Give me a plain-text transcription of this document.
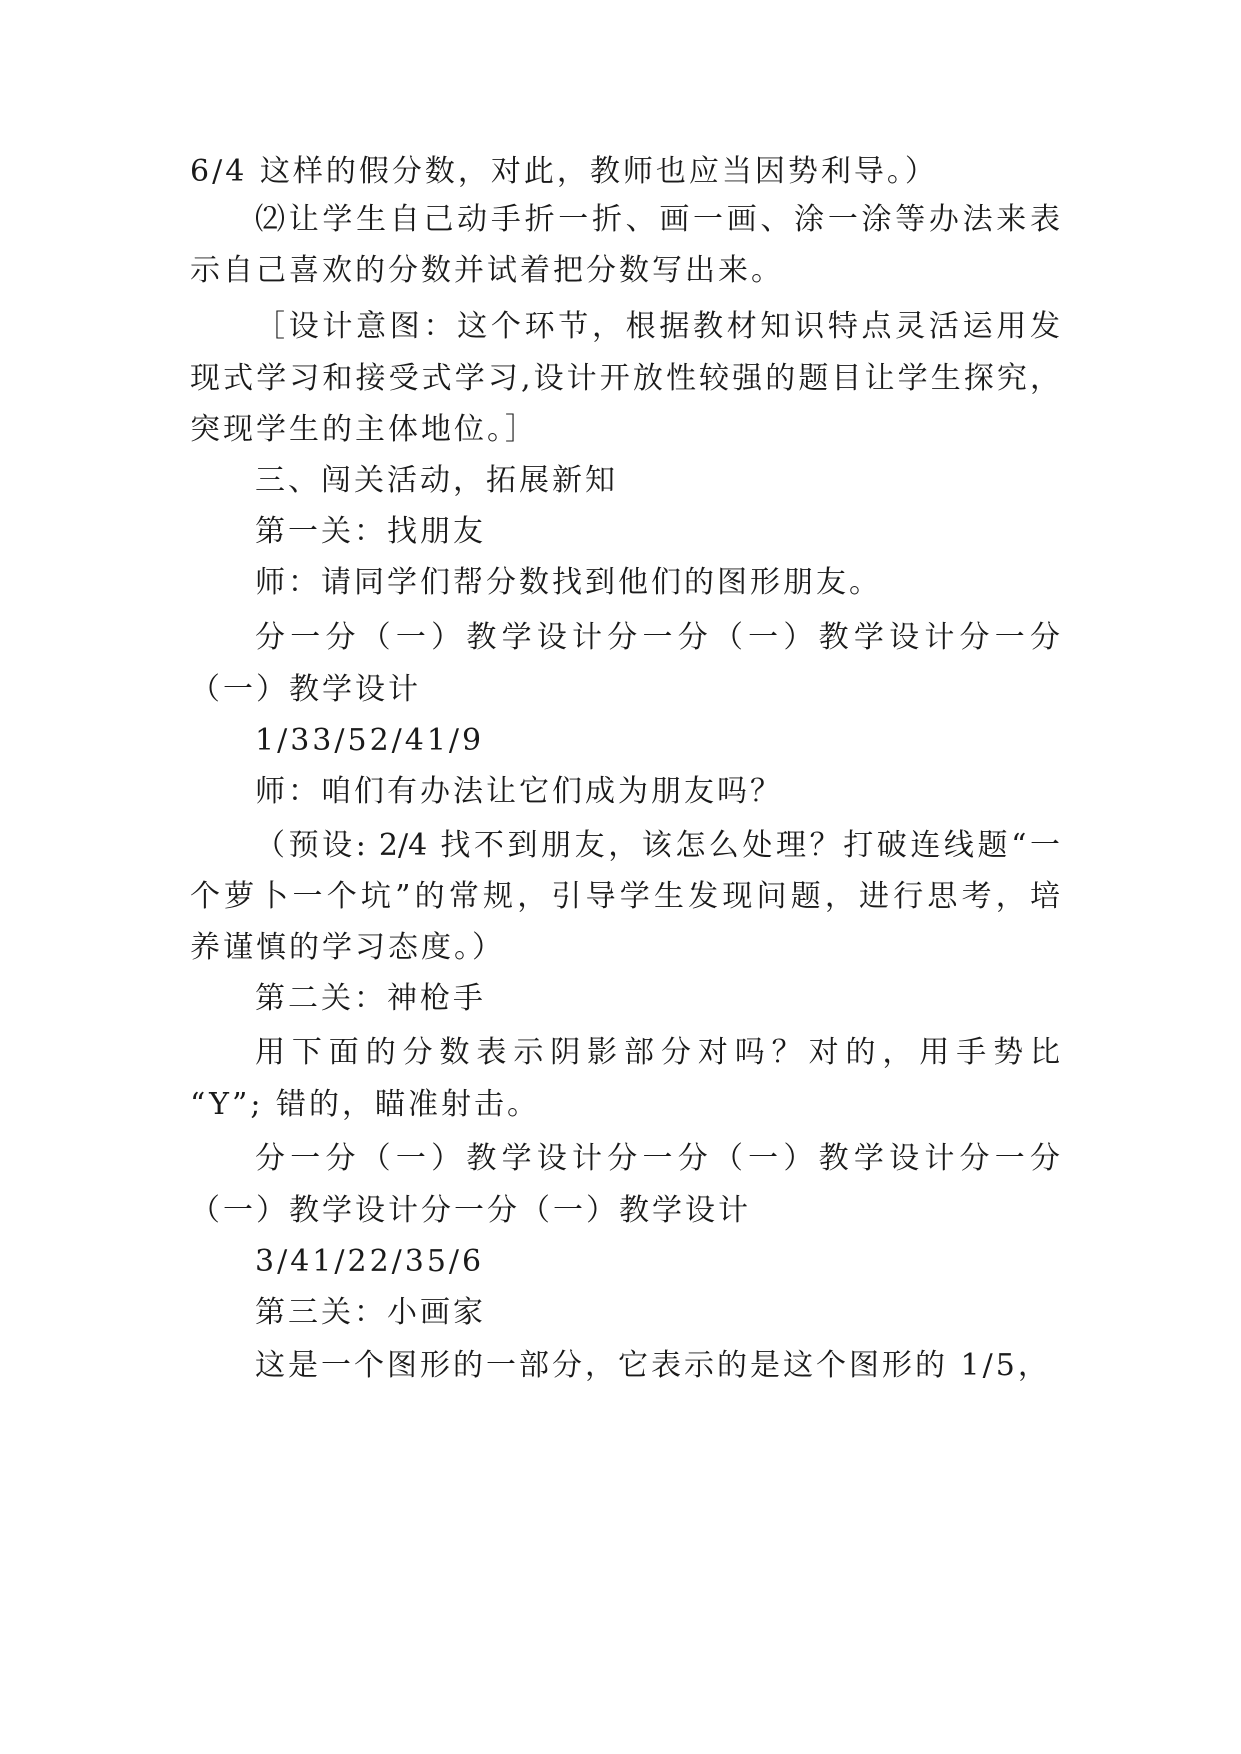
6/4 这样的假分数，对此，教师也应当因势利导。）
⑵让学生自己动手折一折、画一画、涂一涂等办法来表
示自己喜欢的分数并试着把分数写出来。
［设计意图：这个环节，根据教材知识特点灵活运用发
现式学习和接受式学习,设计开放性较强的题目让学生探究，
突现学生的主体地位。］
三、闯关活动，拓展新知
第一关：找朋友
师：请同学们帮分数找到他们的图形朋友。
分一分（一）教学设计分一分（一）教学设计分一分
（一）教学设计
1/33/52/41/9
师：咱们有办法让它们成为朋友吗？
（预设: 2/4 找不到朋友，该怎么处理？打破连线题“一
个萝卜一个坑”的常规，引导学生发现问题，进行思考，培
养谨慎的学习态度。）
第二关：神枪手
用下面的分数表示阴影部分对吗？对的，用手势比
“Y”; 错的，瞄准射击。
分一分（一）教学设计分一分（一）教学设计分一分
（一）教学设计分一分（一）教学设计
3/41/22/35/6
第三关：小画家
这是一个图形的一部分，它表示的是这个图形的 1/5，
